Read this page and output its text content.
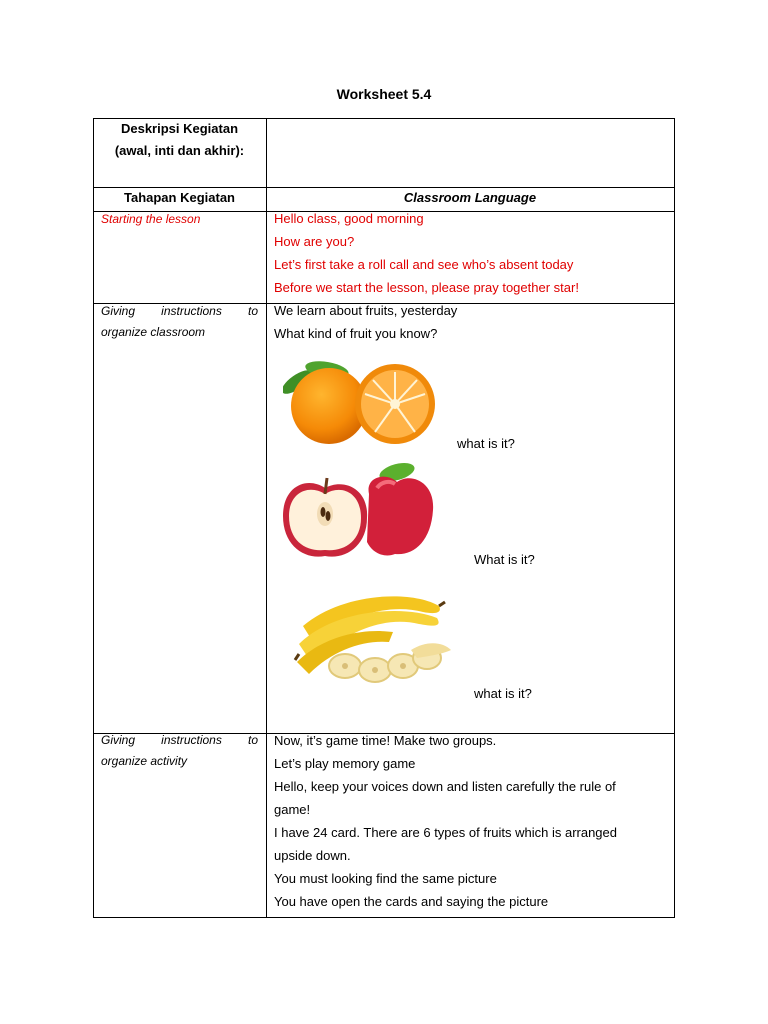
Worksheet 5.4
Deskripsi Kegiatan
(awal, inti dan akhir):
Tahapan Kegiatan	Classroom Language
Starting the lesson	Hello class, good morning
How are you?
Let’s first take a roll call and see who’s absent today
Before we start the lesson, please pray together star!
Giving instructions to
organize classroom
We learn about fruits, yesterday
What kind of fruit you know?
what is it?
What is it?
what is it?
Giving instructions to
organize activity
Now, it’s game time! Make two groups.
Let’s play memory game
Hello, keep your voices down and listen carefully the rule of
game!
I have 24 card. There are 6 types of fruits which is arranged
upside down.
You must looking find the same picture
You have open the cards and saying the picture
